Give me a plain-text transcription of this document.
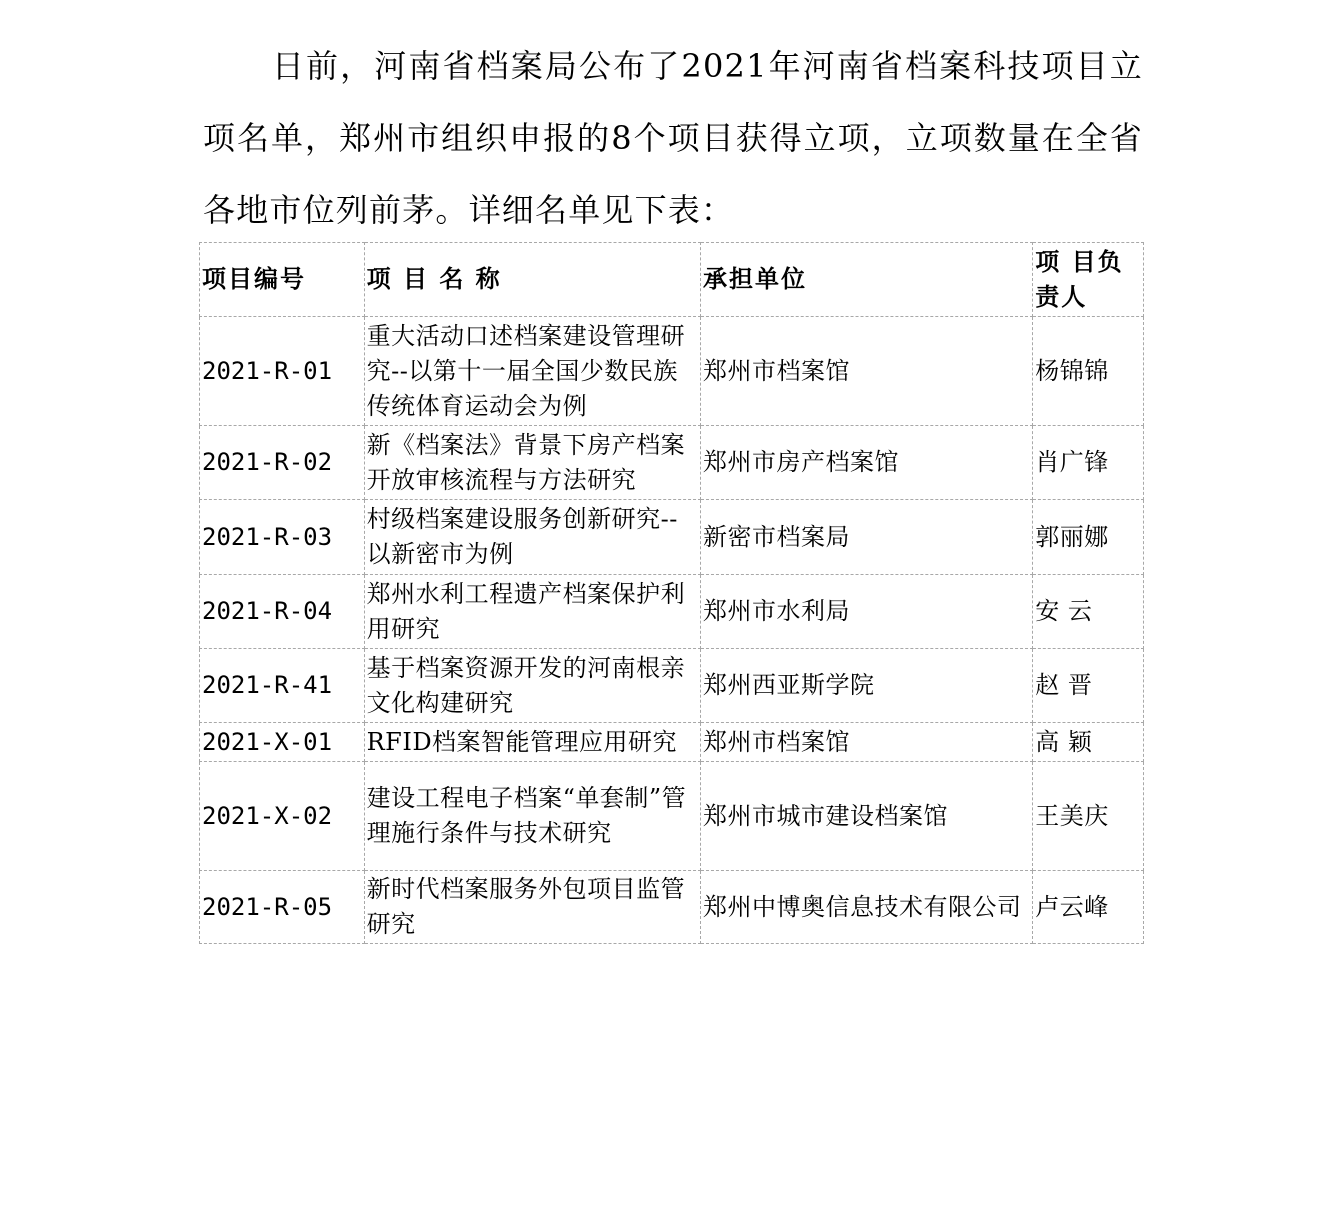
日前，河南省档案局公布了2021年河南省档案科技项目立项名单，郑州市组织申报的8个项目获得立项，立项数量在全省各地市位列前茅。详细名单见下表：

项目编号	项 目 名 称	承担单位	项 目负责人
2021-R-01	重大活动口述档案建设管理研究--以第十一届全国少数民族传统体育运动会为例	郑州市档案馆	杨锦锦
2021-R-02	新《档案法》背景下房产档案开放审核流程与方法研究	郑州市房产档案馆	肖广锋
2021-R-03	村级档案建设服务创新研究--以新密市为例	新密市档案局	郭丽娜
2021-R-04	郑州水利工程遗产档案保护利用研究	郑州市水利局	安 云
2021-R-41	基于档案资源开发的河南根亲文化构建研究	郑州西亚斯学院	赵 晋
2021-X-01	RFID档案智能管理应用研究	郑州市档案馆	高 颖
2021-X-02	建设工程电子档案“单套制”管理施行条件与技术研究	郑州市城市建设档案馆	王美庆
2021-R-05	新时代档案服务外包项目监管研究	郑州中博奥信息技术有限公司	卢云峰
